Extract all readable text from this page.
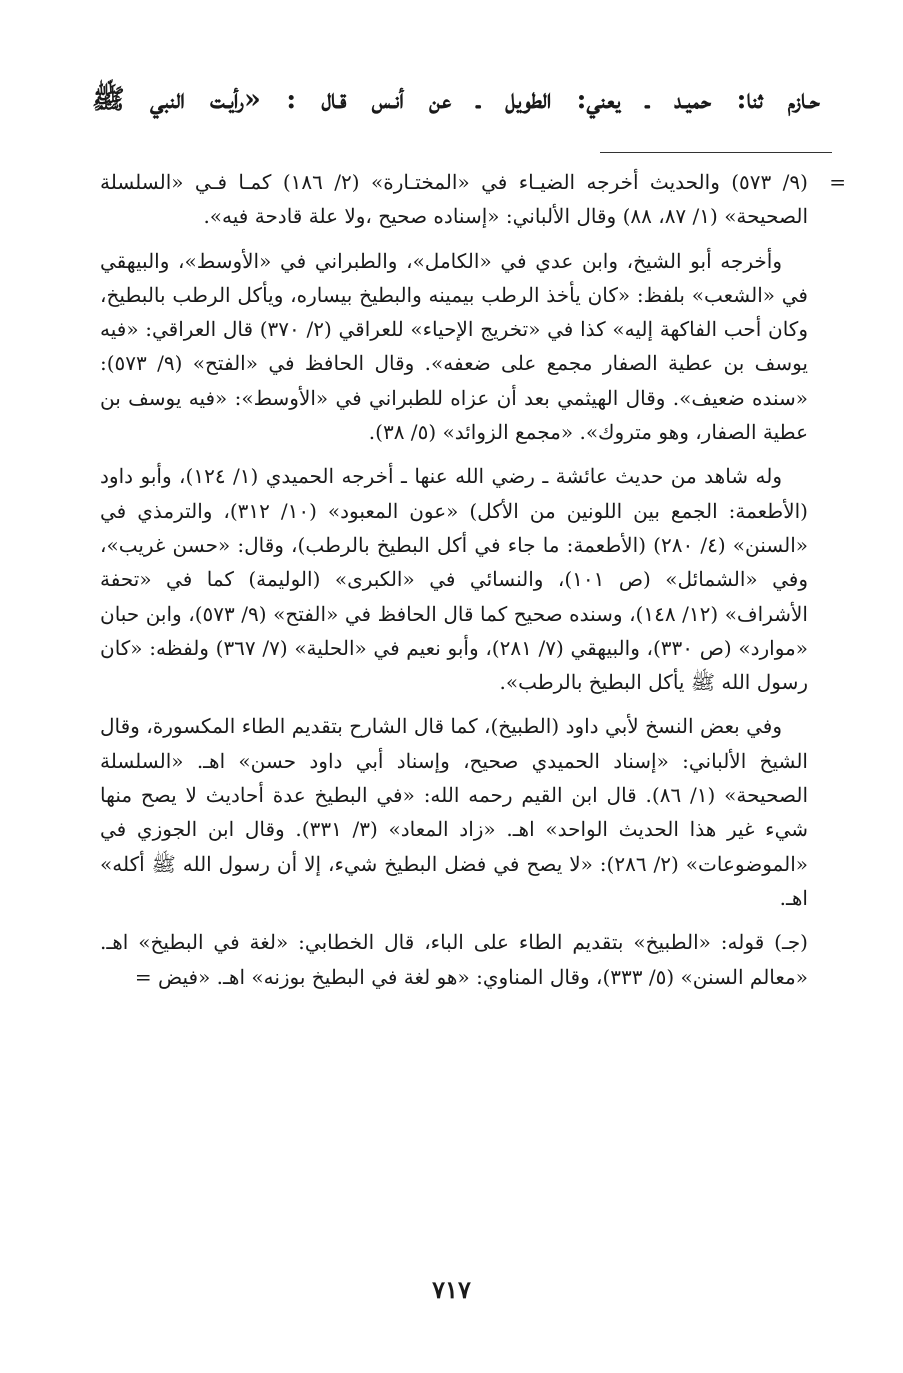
حـازم ثنا: حميـد ـ يعني: الطويل ـ عن أنـس قـال : «رأيـت النبي ﷺ

=
(٩/ ٥٧٣) والحديث أخرجه الضيـاء في «المختـارة» (٢/ ١٨٦) كمـا فـي «السلسلة الصحيحة» (١/ ٨٧، ٨٨) وقال الألباني: «إسناده صحيح ،ولا علة قادحة فيه».

وأخرجه أبو الشيخ، وابن عدي في «الكامل»، والطبراني في «الأوسط»، والبيهقي في «الشعب» بلفظ: «كان يأخذ الرطب بيمينه والبطيخ بيساره، ويأكل الرطب بالبطيخ، وكان أحب الفاكهة إليه» كذا في «تخريج الإحياء» للعراقي (٢/ ٣٧٠) قال العراقي: «فيه يوسف بن عطية الصفار مجمع على ضعفه». وقال الحافظ في «الفتح» (٩/ ٥٧٣): «سنده ضعيف». وقال الهيثمي بعد أن عزاه للطبراني في «الأوسط»: «فيه يوسف بن عطية الصفار، وهو متروك». «مجمع الزوائد» (٥/ ٣٨).

وله شاهد من حديث عائشة ـ رضي الله عنها ـ أخرجه الحميدي (١/ ١٢٤)، وأبو داود (الأطعمة: الجمع بين اللونين من الأكل) «عون المعبود» (١٠/ ٣١٢)، والترمذي في «السنن» (٤/ ٢٨٠) (الأطعمة: ما جاء في أكل البطيخ بالرطب)، وقال: «حسن غريب»، وفي «الشمائل» (ص ١٠١)، والنسائي في «الكبرى» (الوليمة) كما في «تحفة الأشراف» (١٢/ ١٤٨)، وسنده صحيح كما قال الحافظ في «الفتح» (٩/ ٥٧٣)، وابن حبان «موارد» (ص ٣٣٠)، والبيهقي (٧/ ٢٨١)، وأبو نعيم في «الحلية» (٧/ ٣٦٧) ولفظه: «كان رسول الله ﷺ يأكل البطيخ بالرطب».

وفي بعض النسخ لأبي داود (الطبيخ)، كما قال الشارح بتقديم الطاء المكسورة، وقال الشيخ الألباني: «إسناد الحميدي صحيح، وإسناد أبي داود حسن» اهـ. «السلسلة الصحيحة» (١/ ٨٦). قال ابن القيم رحمه الله: «في البطيخ عدة أحاديث لا يصح منها شيء غير هذا الحديث الواحد» اهـ. «زاد المعاد» (٣/ ٣٣١). وقال ابن الجوزي في «الموضوعات» (٢/ ٢٨٦): «لا يصح في فضل البطيخ شيء، إلا أن رسول الله ﷺ أكله» اهـ.

(جـ) قوله: «الطبيخ» بتقديم الطاء على الباء، قال الخطابي: «لغة في البطيخ» اهـ. «معالم السنن» (٥/ ٣٣٣)، وقال المناوي: «هو لغة في البطيخ بوزنه» اهـ. «فيض =

٧١٧
